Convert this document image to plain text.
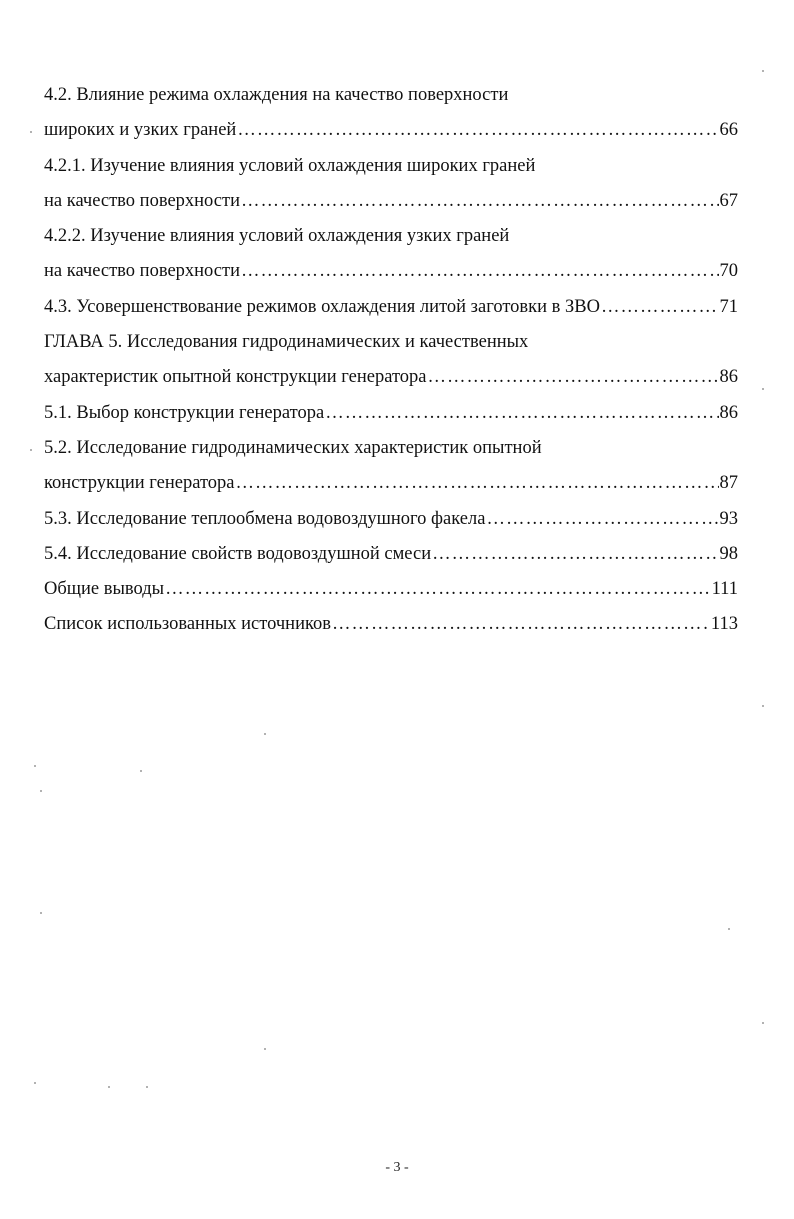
4.2. Влияние режима охлаждения на качество поверхности
широких и узких граней ………………………………………………………………………………………………………………………………………………………………	66
4.2.1. Изучение влияния условий охлаждения широких граней
на качество поверхности ………………………………………………………………………………………………………………………………………………………………	67
4.2.2. Изучение влияния условий охлаждения узких граней
на качество поверхности ………………………………………………………………………………………………………………………………………………………………	70
4.3. Усовершенствование режимов охлаждения литой заготовки в ЗВО ………………………………………………………………………………………………………………………………………………………………	71
ГЛАВА 5. Исследования гидродинамических и качественных
характеристик опытной конструкции генератора ………………………………………………………………………………………………………………………………………………………………	86
5.1. Выбор конструкции генератора ………………………………………………………………………………………………………………………………………………………………	86
5.2. Исследование гидродинамических характеристик опытной
конструкции генератора ………………………………………………………………………………………………………………………………………………………………	87
5.3. Исследование теплообмена водовоздушного факела ………………………………………………………………………………………………………………………………………………………………	93
5.4. Исследование свойств водовоздушной смеси ………………………………………………………………………………………………………………………………………………………………	98
Общие выводы ………………………………………………………………………………………………………………………………………………………………	111
Список использованных источников ………………………………………………………………………………………………………………………………………………………………	113
- 3 -
